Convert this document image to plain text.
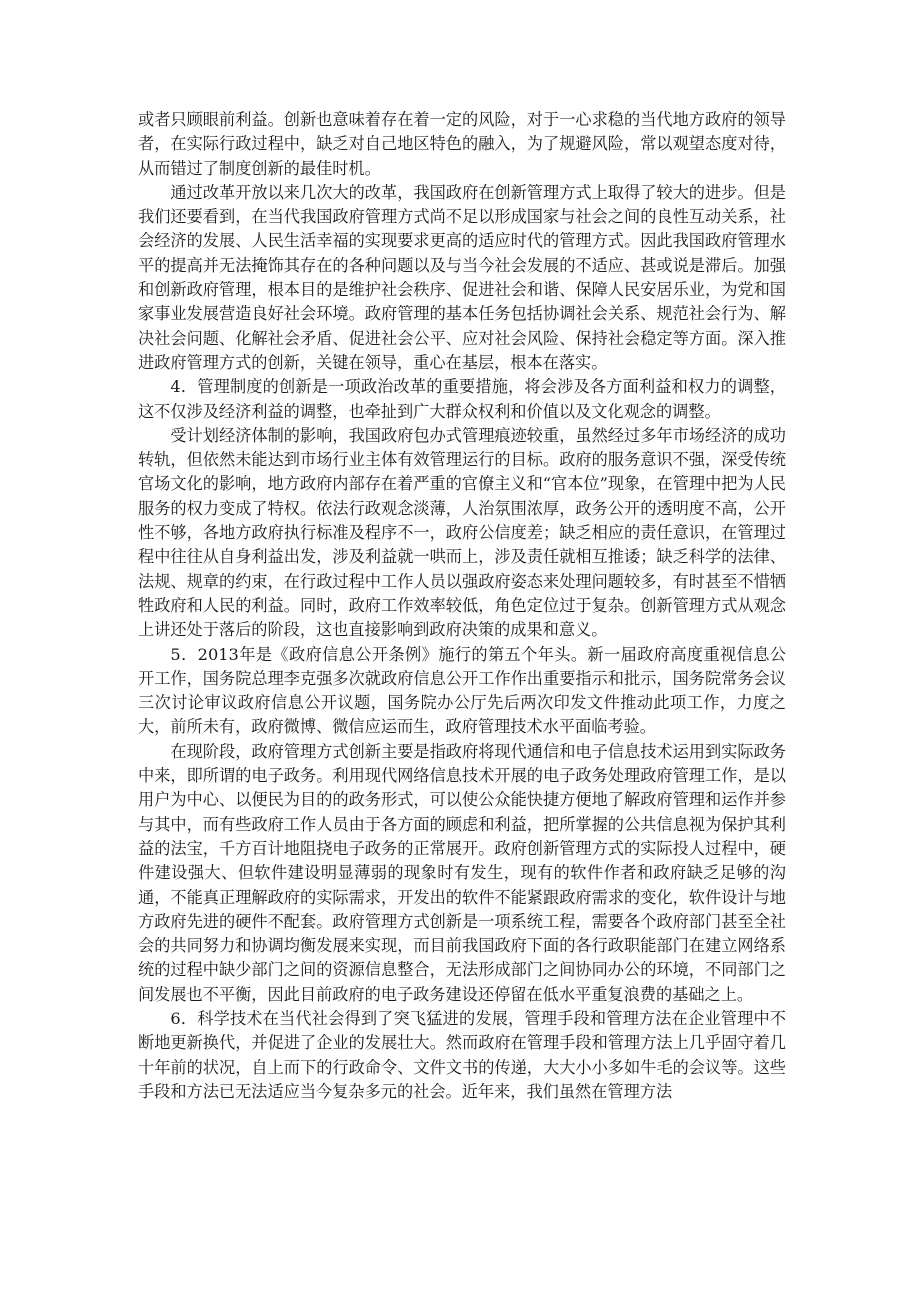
或者只顾眼前利益。创新也意味着存在着一定的风险，对于一心求稳的当代地方政府的领导者，在实际行政过程中，缺乏对自己地区特色的融入，为了规避风险，常以观望态度对待，从而错过了制度创新的最佳时机。

通过改革开放以来几次大的改革，我国政府在创新管理方式上取得了较大的进步。但是我们还要看到，在当代我国政府管理方式尚不足以形成国家与社会之间的良性互动关系，社会经济的发展、人民生活幸福的实现要求更高的适应时代的管理方式。因此我国政府管理水平的提高并无法掩饰其存在的各种问题以及与当今社会发展的不适应、甚或说是滞后。加强和创新政府管理，根本目的是维护社会秩序、促进社会和谐、保障人民安居乐业，为党和国家事业发展营造良好社会环境。政府管理的基本任务包括协调社会关系、规范社会行为、解决社会问题、化解社会矛盾、促进社会公平、应对社会风险、保持社会稳定等方面。深入推进政府管理方式的创新，关键在领导，重心在基层，根本在落实。

4．管理制度的创新是一项政治改革的重要措施，将会涉及各方面利益和权力的调整，这不仅涉及经济利益的调整，也牵扯到广大群众权利和价值以及文化观念的调整。

受计划经济体制的影响，我国政府包办式管理痕迹较重，虽然经过多年市场经济的成功转轨，但依然未能达到市场行业主体有效管理运行的目标。政府的服务意识不强，深受传统官场文化的影响，地方政府内部存在着严重的官僚主义和“官本位”现象，在管理中把为人民服务的权力变成了特权。依法行政观念淡薄，人治氛围浓厚，政务公开的透明度不高，公开性不够，各地方政府执行标准及程序不一，政府公信度差；缺乏相应的责任意识，在管理过程中往往从自身利益出发，涉及利益就一哄而上，涉及责任就相互推诿；缺乏科学的法律、法规、规章的约束，在行政过程中工作人员以强政府姿态来处理问题较多，有时甚至不惜牺牲政府和人民的利益。同时，政府工作效率较低，角色定位过于复杂。创新管理方式从观念上讲还处于落后的阶段，这也直接影响到政府决策的成果和意义。

5．2013年是《政府信息公开条例》施行的第五个年头。新一届政府高度重视信息公开工作，国务院总理李克强多次就政府信息公开工作作出重要指示和批示，国务院常务会议三次讨论审议政府信息公开议题，国务院办公厅先后两次印发文件推动此项工作，力度之大，前所未有，政府微博、微信应运而生，政府管理技术水平面临考验。

在现阶段，政府管理方式创新主要是指政府将现代通信和电子信息技术运用到实际政务中来，即所谓的电子政务。利用现代网络信息技术开展的电子政务处理政府管理工作，是以用户为中心、以便民为目的的政务形式，可以使公众能快捷方便地了解政府管理和运作并参与其中，而有些政府工作人员由于各方面的顾虑和利益，把所掌握的公共信息视为保护其利益的法宝，千方百计地阻挠电子政务的正常展开。政府创新管理方式的实际投人过程中，硬件建设强大、但软件建设明显薄弱的现象时有发生，现有的软件作者和政府缺乏足够的沟通，不能真正理解政府的实际需求，开发出的软件不能紧跟政府需求的变化，软件设计与地方政府先进的硬件不配套。政府管理方式创新是一项系统工程，需要各个政府部门甚至全社会的共同努力和协调均衡发展来实现，而目前我国政府下面的各行政职能部门在建立网络系统的过程中缺少部门之间的资源信息整合，无法形成部门之间协同办公的环境，不同部门之间发展也不平衡，因此目前政府的电子政务建设还停留在低水平重复浪费的基础之上。

6．科学技术在当代社会得到了突飞猛进的发展，管理手段和管理方法在企业管理中不断地更新换代，并促进了企业的发展壮大。然而政府在管理手段和管理方法上几乎固守着几十年前的状况，自上而下的行政命令、文件文书的传递，大大小小多如牛毛的会议等。这些手段和方法已无法适应当今复杂多元的社会。近年来，我们虽然在管理方法
